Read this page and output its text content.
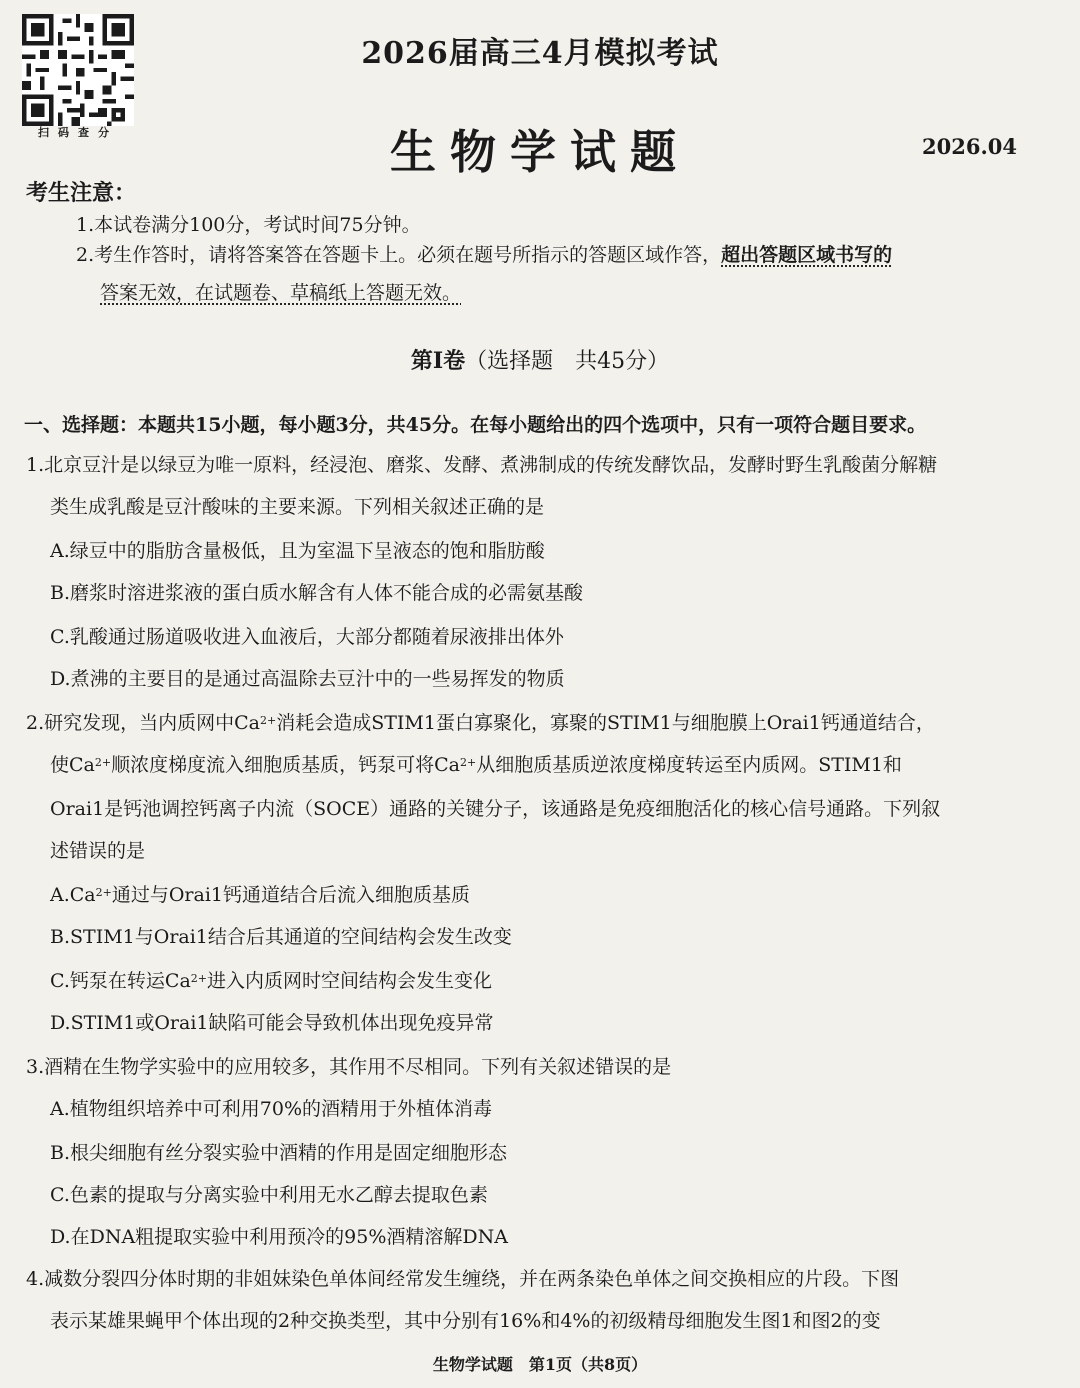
扫码查分
2026届高三4月模拟考试
生物学试题	2026.04
考生注意：
1.本试卷满分100分，考试时间75分钟。
2.考生作答时，请将答案答在答题卡上。必须在题号所指示的答题区域作答，超出答题区域书写的
答案无效，在试题卷、草稿纸上答题无效。
第Ⅰ卷（选择题　共45分）
一、选择题：本题共15小题，每小题3分，共45分。在每小题给出的四个选项中，只有一项符合题目要求。
1.北京豆汁是以绿豆为唯一原料，经浸泡、磨浆、发酵、煮沸制成的传统发酵饮品，发酵时野生乳酸菌分解糖
类生成乳酸是豆汁酸味的主要来源。下列相关叙述正确的是
A.绿豆中的脂肪含量极低，且为室温下呈液态的饱和脂肪酸
B.磨浆时溶进浆液的蛋白质水解含有人体不能合成的必需氨基酸
C.乳酸通过肠道吸收进入血液后，大部分都随着尿液排出体外
D.煮沸的主要目的是通过高温除去豆汁中的一些易挥发的物质
2.研究发现，当内质网中$Ca^{2+}$消耗会造成STIM1蛋白寡聚化，寡聚的STIM1与细胞膜上Orai1钙通道结合，
使$Ca^{2+}$顺浓度梯度流入细胞质基质，钙泵可将$Ca^{2+}$从细胞质基质逆浓度梯度转运至内质网。STIM1和
Orai1是钙池调控钙离子内流（SOCE）通路的关键分子，该通路是免疫细胞活化的核心信号通路。下列叙
述错误的是
$A.Ca^{2+}$通过与Orai1钙通道结合后流入细胞质基质
B.STIM1与Orai1结合后其通道的空间结构会发生改变
C.钙泵在转运$Ca^{2+}$进入内质网时空间结构会发生变化
D.STIM1或Orai1缺陷可能会导致机体出现免疫异常
3.酒精在生物学实验中的应用较多，其作用不尽相同。下列有关叙述错误的是
A.植物组织培养中可利用70%的酒精用于外植体消毒
B.根尖细胞有丝分裂实验中酒精的作用是固定细胞形态
C.色素的提取与分离实验中利用无水乙醇去提取色素
D.在DNA粗提取实验中利用预冷的95%酒精溶解DNA
4.减数分裂四分体时期的非姐妹染色单体间经常发生缠绕，并在两条染色单体之间交换相应的片段。下图
表示某雄果蝇甲个体出现的2种交换类型，其中分别有16%和4%的初级精母细胞发生图1和图2的变
生物学试题　第1页（共8页）
